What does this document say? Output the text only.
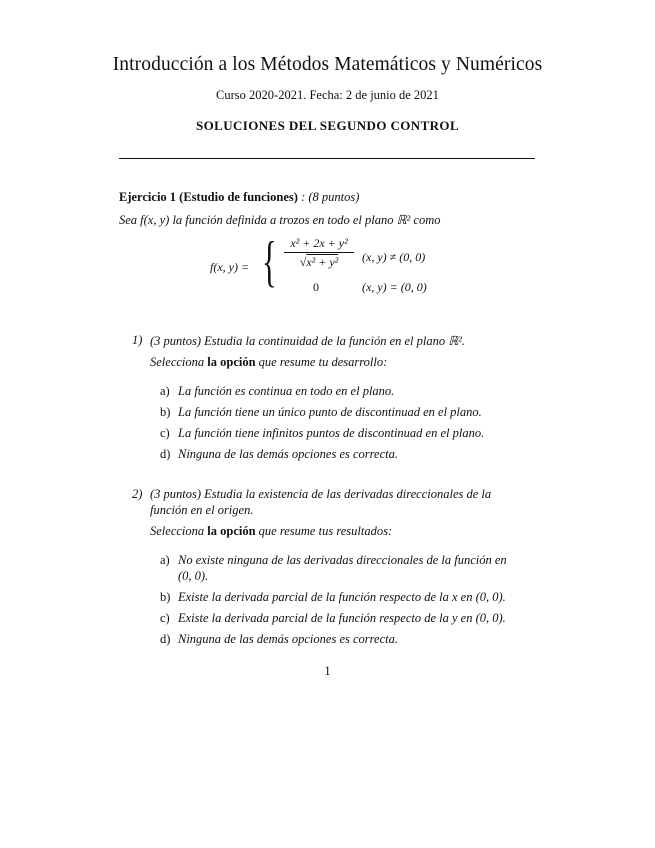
Introducción a los Métodos Matemáticos y Numéricos
Curso 2020-2021. Fecha: 2 de junio de 2021
SOLUCIONES DEL SEGUNDO CONTROL
Ejercicio 1 (Estudio de funciones) : (8 puntos)
Sea f(x, y) la función definida a trozos en todo el plano ℝ² como
f(x, y) = {	x² + 2x + y²
√x² + y²	(x, y) ≠ (0, 0)
0	(x, y) = (0, 0)
1) (3 puntos) Estudia la continuidad de la función en el plano ℝ².
Selecciona la opción que resume tu desarrollo:
a) La función es continua en todo en el plano.
b) La función tiene un único punto de discontinuad en el plano.
c) La función tiene infinitos puntos de discontinuad en el plano.
d) Ninguna de las demás opciones es correcta.
2) (3 puntos) Estudia la existencia de las derivadas direccionales de la
función en el origen.
Selecciona la opción que resume tus resultados:
a) No existe ninguna de las derivadas direccionales de la función en
(0, 0).
b) Existe la derivada parcial de la función respecto de la x en (0, 0).
c) Existe la derivada parcial de la función respecto de la y en (0, 0).
d) Ninguna de las demás opciones es correcta.
1
